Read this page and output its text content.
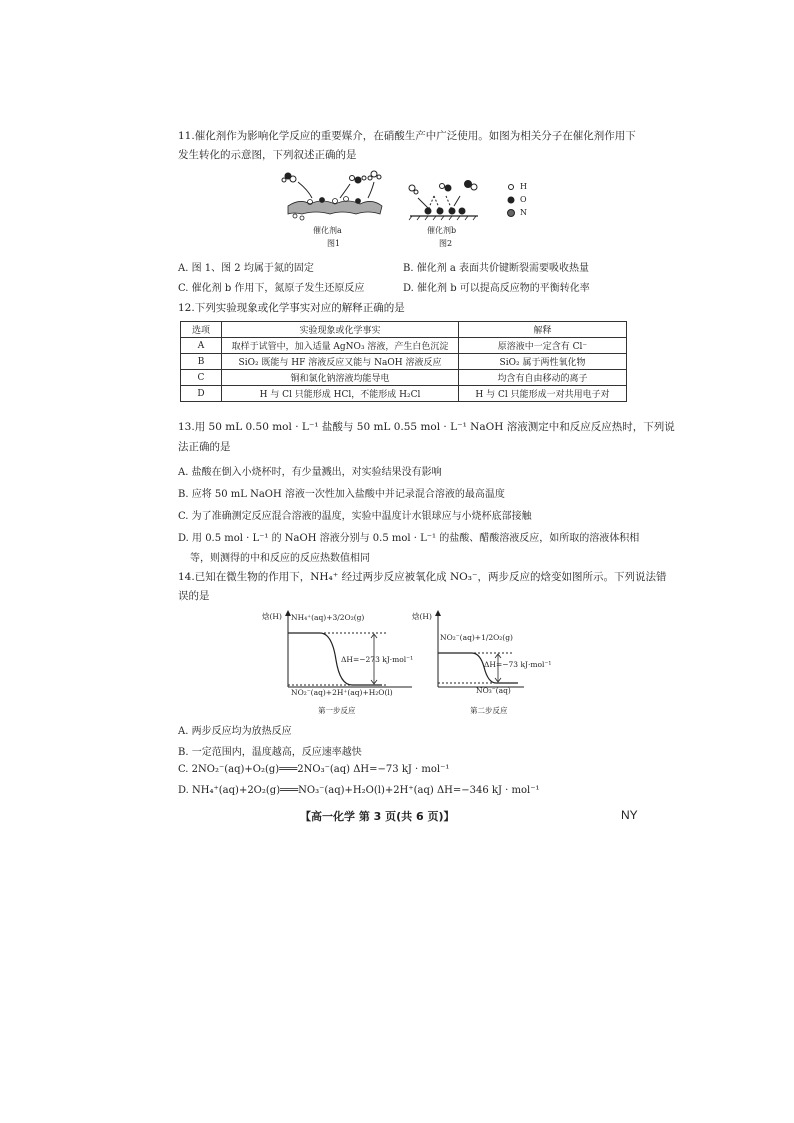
11.催化剂作为影响化学反应的重要媒介，在硝酸生产中广泛使用。如图为相关分子在催化剂作用下
发生转化的示意图，下列叙述正确的是
催化剂a
图1
催化剂b
图2
H
O
N
A. 图 1、图 2 均属于氮的固定	B. 催化剂 a 表面共价键断裂需要吸收热量
C. 催化剂 b 作用下，氮原子发生还原反应	D. 催化剂 b 可以提高反应物的平衡转化率
12.下列实验现象或化学事实对应的解释正确的是
选项	实验现象或化学事实	解释
A	取样于试管中，加入适量 AgNO₃ 溶液，产生白色沉淀	原溶液中一定含有 Cl⁻
B	SiO₂ 既能与 HF 溶液反应又能与 NaOH 溶液反应	SiO₂ 属于两性氧化物
C	铜和氯化钠溶液均能导电	均含有自由移动的离子
D	H 与 Cl 只能形成 HCl，不能形成 H₂Cl	H 与 Cl 只能形成一对共用电子对
13.用 50 mL 0.50 mol · L⁻¹ 盐酸与 50 mL 0.55 mol · L⁻¹ NaOH 溶液测定中和反应反应热时，下列说
法正确的是
A. 盐酸在倒入小烧杯时，有少量溅出，对实验结果没有影响
B. 应将 50 mL NaOH 溶液一次性加入盐酸中并记录混合溶液的最高温度
C. 为了准确测定反应混合溶液的温度，实验中温度计水银球应与小烧杯底部接触
D. 用 0.5 mol · L⁻¹ 的 NaOH 溶液分别与 0.5 mol · L⁻¹ 的盐酸、醋酸溶液反应，如所取的溶液体积相
等，则测得的中和反应的反应热数值相同
14.已知在微生物的作用下，NH₄⁺ 经过两步反应被氧化成 NO₃⁻，两步反应的焓变如图所示。下列说法错
误的是
焓(H) NH₄⁺(aq)+3/2O₂(g)
ΔH=−273 kJ·mol⁻¹
NO₂⁻(aq)+2H⁺(aq)+H₂O(l)
第一步反应
焓(H)
NO₂⁻(aq)+1/2O₂(g)
ΔH=−73 kJ·mol⁻¹
NO₃⁻(aq)
第二步反应
A. 两步反应均为放热反应
B. 一定范围内，温度越高，反应速率越快
C. 2NO₂⁻(aq)+O₂(g)═══2NO₃⁻(aq) ΔH=−73 kJ · mol⁻¹
D. NH₄⁺(aq)+2O₂(g)═══NO₃⁻(aq)+H₂O(l)+2H⁺(aq) ΔH=−346 kJ · mol⁻¹
【高一化学 第 3 页(共 6 页)】	NY
